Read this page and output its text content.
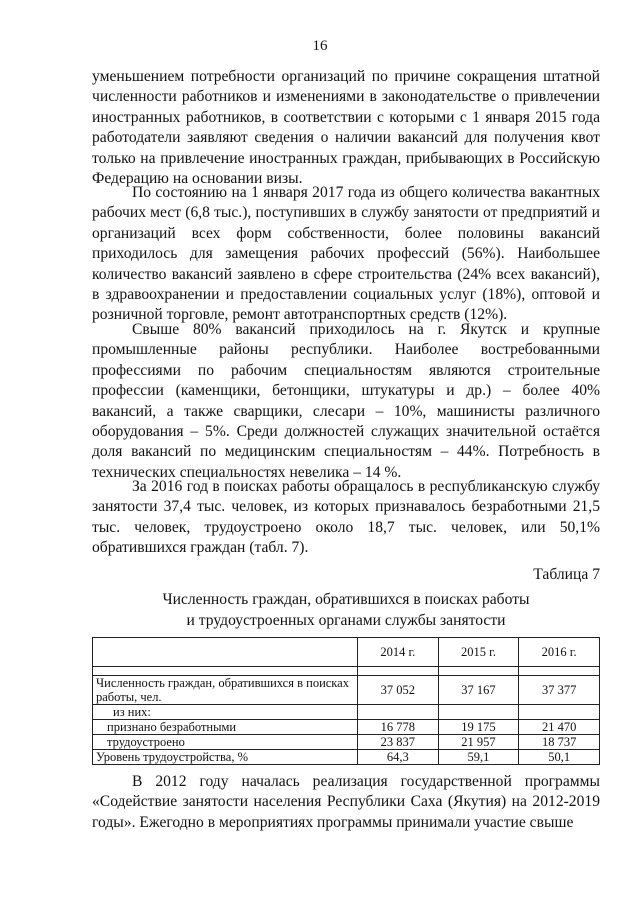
16

уменьшением потребности организаций по причине сокращения штатной численности работников и изменениями в законодательстве о привлечении иностранных работников, в соответствии с которыми с 1 января 2015 года работодатели заявляют сведения о наличии вакансий для получения квот только на привлечение иностранных граждан, прибывающих в Российскую Федерацию на основании визы.

По состоянию на 1 января 2017 года из общего количества вакантных рабочих мест (6,8 тыс.), поступивших в службу занятости от предприятий и организаций всех форм собственности, более половины вакансий приходилось для замещения рабочих профессий (56%). Наибольшее количество вакансий заявлено в сфере строительства (24% всех вакансий), в здравоохранении и предоставлении социальных услуг (18%), оптовой и розничной торговле, ремонт автотранспортных средств (12%).

Свыше 80% вакансий приходилось на г. Якутск и крупные промышленные районы республики. Наиболее востребованными профессиями по рабочим специальностям являются строительные профессии (каменщики, бетонщики, штукатуры и др.) – более 40% вакансий, а также сварщики, слесари – 10%, машинисты различного оборудования – 5%. Среди должностей служащих значительной остаётся доля вакансий по медицинским специальностям – 44%. Потребность в технических специальностях невелика – 14 %.

За 2016 год в поисках работы обращалось в республиканскую службу занятости 37,4 тыс. человек, из которых признавалось безработными 21,5 тыс. человек, трудоустроено около 18,7 тыс. человек, или 50,1% обратившихся граждан (табл. 7).

Таблица 7
Численность граждан, обратившихся в поисках работы
и трудоустроенных органами службы занятости
	2014 г.	2015 г.	2016 г.

Численность граждан, обратившихся в поисках работы, чел.	37 052	37 167	37 377
из них:			
признано безработными	16 778	19 175	21 470
трудоустроено	23 837	21 957	18 737
Уровень трудоустройства, %	64,3	59,1	50,1

В 2012 году началась реализация государственной программы «Содействие занятости населения Республики Саха (Якутия) на 2012-2019 годы». Ежегодно в мероприятиях программы принимали участие свыше
